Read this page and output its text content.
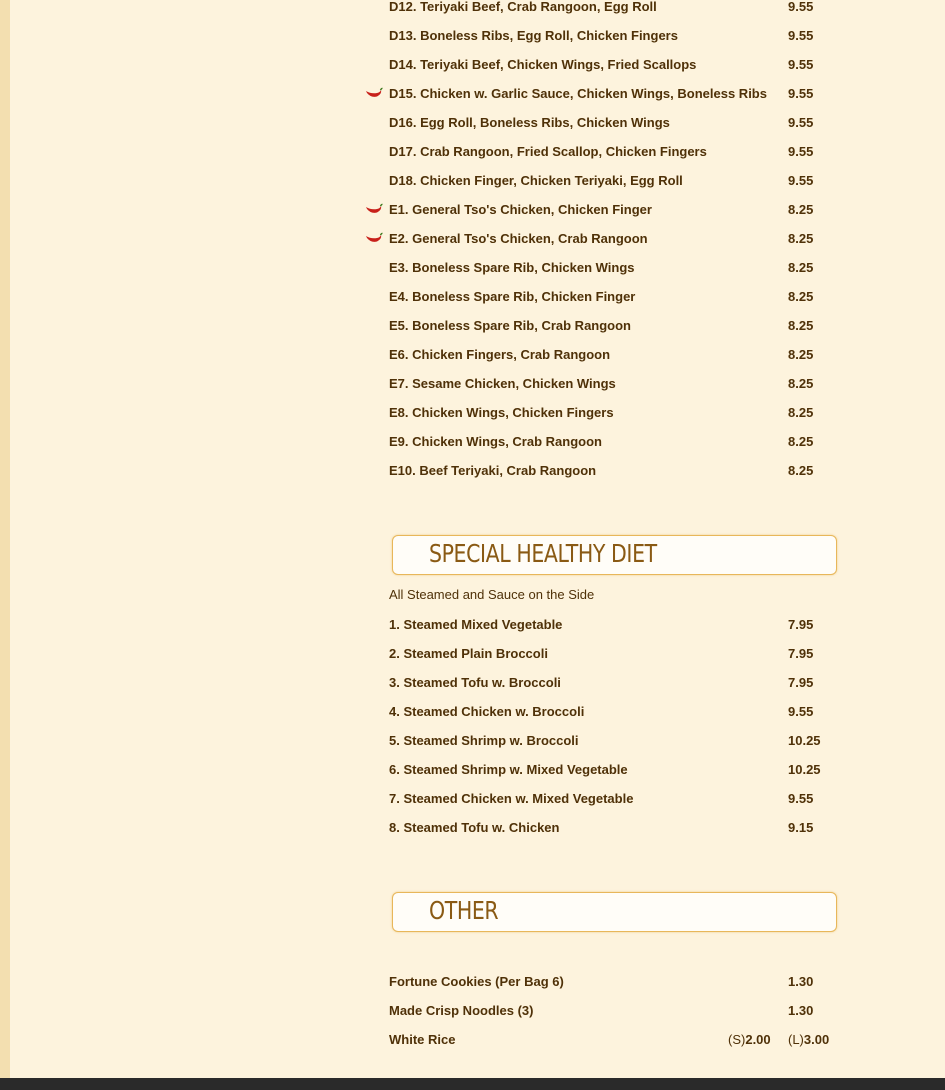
D12. Teriyaki Beef, Crab Rangoon, Egg Roll	9.55
D13. Boneless Ribs, Egg Roll, Chicken Fingers	9.55
D14. Teriyaki Beef, Chicken Wings, Fried Scallops	9.55
D15. Chicken w. Garlic Sauce, Chicken Wings, Boneless Ribs 9.55
D16. Egg Roll, Boneless Ribs, Chicken Wings	9.55
D17. Crab Rangoon, Fried Scallop, Chicken Fingers	9.55
D18. Chicken Finger, Chicken Teriyaki, Egg Roll	9.55
E1. General Tso's Chicken, Chicken Finger	8.25
E2. General Tso's Chicken, Crab Rangoon	8.25
E3. Boneless Spare Rib, Chicken Wings	8.25
E4. Boneless Spare Rib, Chicken Finger	8.25
E5. Boneless Spare Rib, Crab Rangoon	8.25
E6. Chicken Fingers, Crab Rangoon	8.25
E7. Sesame Chicken, Chicken Wings	8.25
E8. Chicken Wings, Chicken Fingers	8.25
E9. Chicken Wings, Crab Rangoon	8.25
E10. Beef Teriyaki, Crab Rangoon	8.25
SPECIAL HEALTHY DIET
All Steamed and Sauce on the Side
1. Steamed Mixed Vegetable	7.95
2. Steamed Plain Broccoli	7.95
3. Steamed Tofu w. Broccoli	7.95
4. Steamed Chicken w. Broccoli	9.55
5. Steamed Shrimp w. Broccoli	10.25
6. Steamed Shrimp w. Mixed Vegetable	10.25
7. Steamed Chicken w. Mixed Vegetable	9.55
8. Steamed Tofu w. Chicken	9.15
OTHER
Fortune Cookies (Per Bag 6)	1.30
Made Crisp Noodles (3)	1.30
White Rice	(S)2.00 (L)3.00
